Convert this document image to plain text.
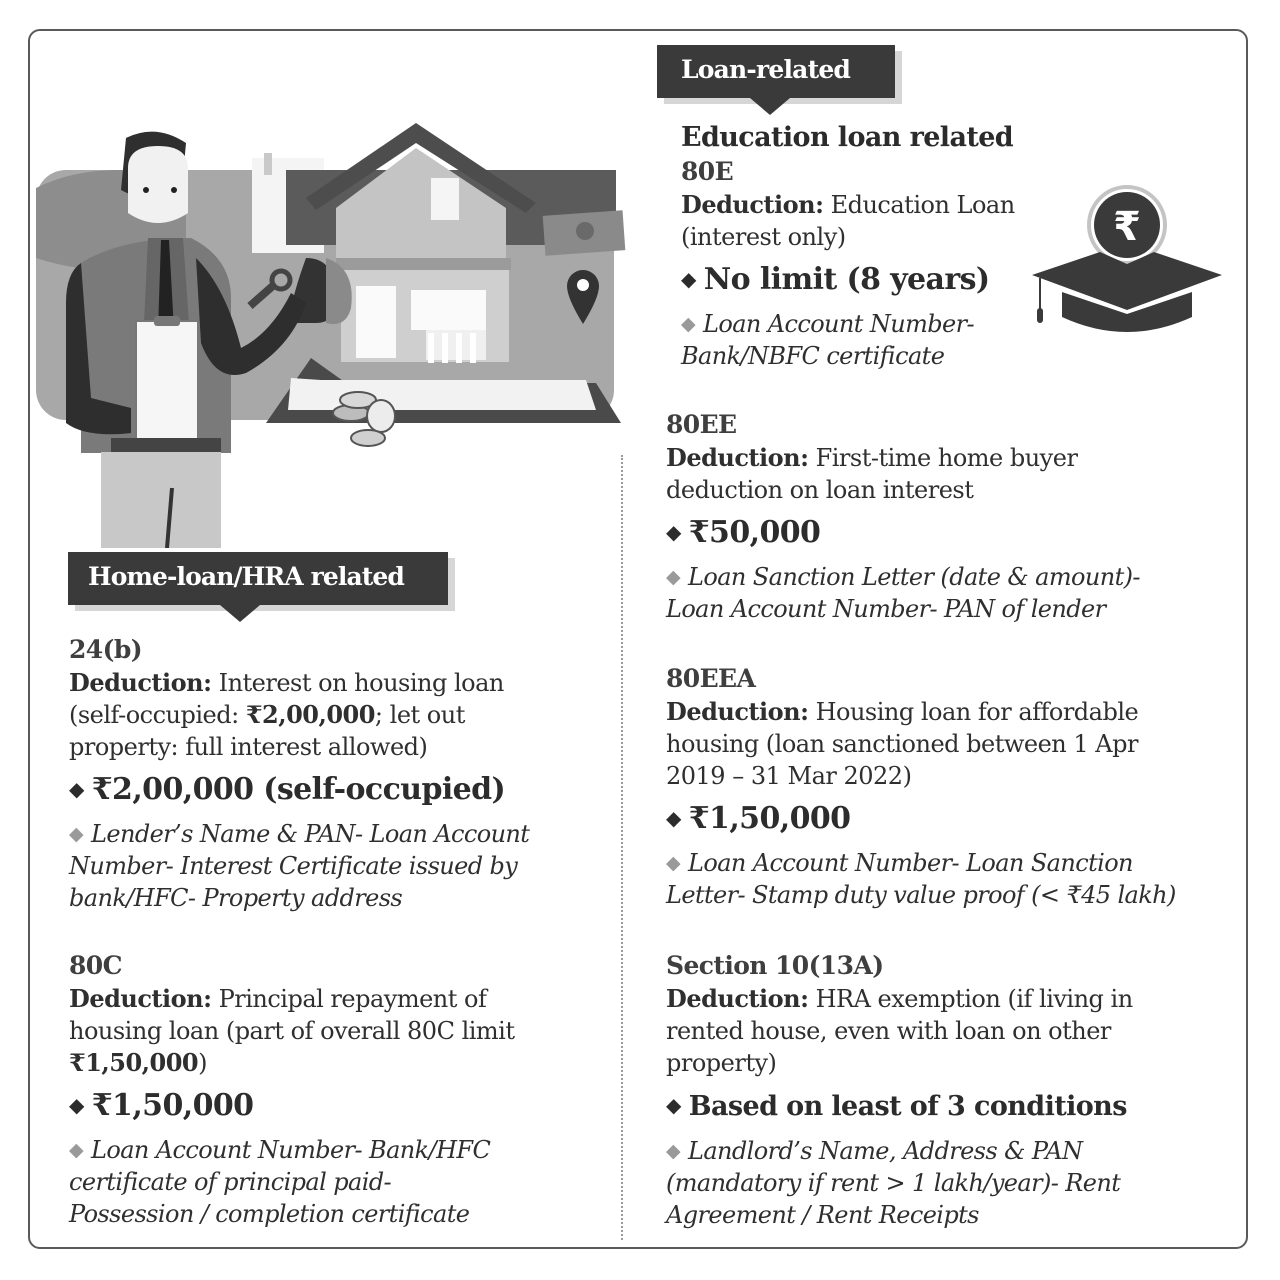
Loan-related
₹
Education loan related
80E
Deduction: Education Loan
(interest only)
◆ No limit (8 years)
◆ Loan Account Number-
Bank/NBFC certificate
80EE
Deduction: First-time home buyer
deduction on loan interest
◆ ₹50,000
◆ Loan Sanction Letter (date & amount)-
Loan Account Number- PAN of lender
80EEA
Deduction: Housing loan for affordable
housing (loan sanctioned between 1 Apr
2019 – 31 Mar 2022)
◆ ₹1,50,000
◆ Loan Account Number- Loan Sanction
Letter- Stamp duty value proof (< ₹45 lakh)
Section 10(13A)
Deduction: HRA exemption (if living in
rented house, even with loan on other
property)
◆ Based on least of 3 conditions
◆ Landlord’s Name, Address & PAN
(mandatory if rent > 1 lakh/year)- Rent
Agreement / Rent Receipts
Home-loan/HRA related
24(b)
Deduction: Interest on housing loan
(self-occupied: ₹2,00,000; let out
property: full interest allowed)
◆ ₹2,00,000 (self-occupied)
◆ Lender’s Name & PAN- Loan Account
Number- Interest Certificate issued by
bank/HFC- Property address
80C
Deduction: Principal repayment of
housing loan (part of overall 80C limit
₹1,50,000)
◆ ₹1,50,000
◆ Loan Account Number- Bank/HFC
certificate of principal paid-
Possession / completion certificate
